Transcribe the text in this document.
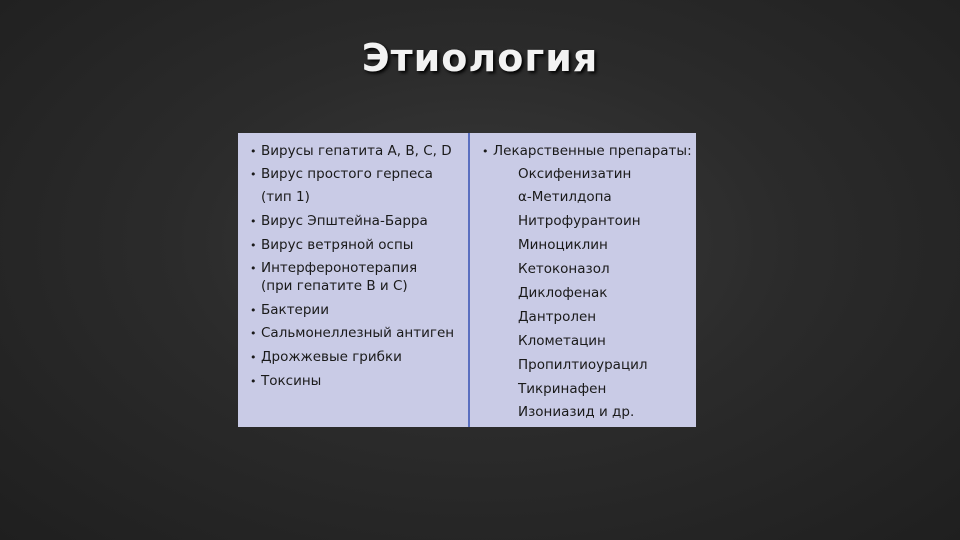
Этиология
• Вирусы гепатита А, В, С, D
• Вирус простого герпеса
(тип 1)
• Вирус Эпштейна-Барра
• Вирус ветряной оспы
• Интерферонотерапия
(при гепатите В и С)
• Бактерии
• Сальмонеллезный антиген
• Дрожжевые грибки
• Токсины
• Лекарственные препараты:
Оксифенизатин
α-Метилдопа
Нитрофурантоин
Миноциклин
Кетоконазол
Диклофенак
Дантролен
Клометацин
Пропилтиоурацил
Тикринафен
Изониазид и др.
